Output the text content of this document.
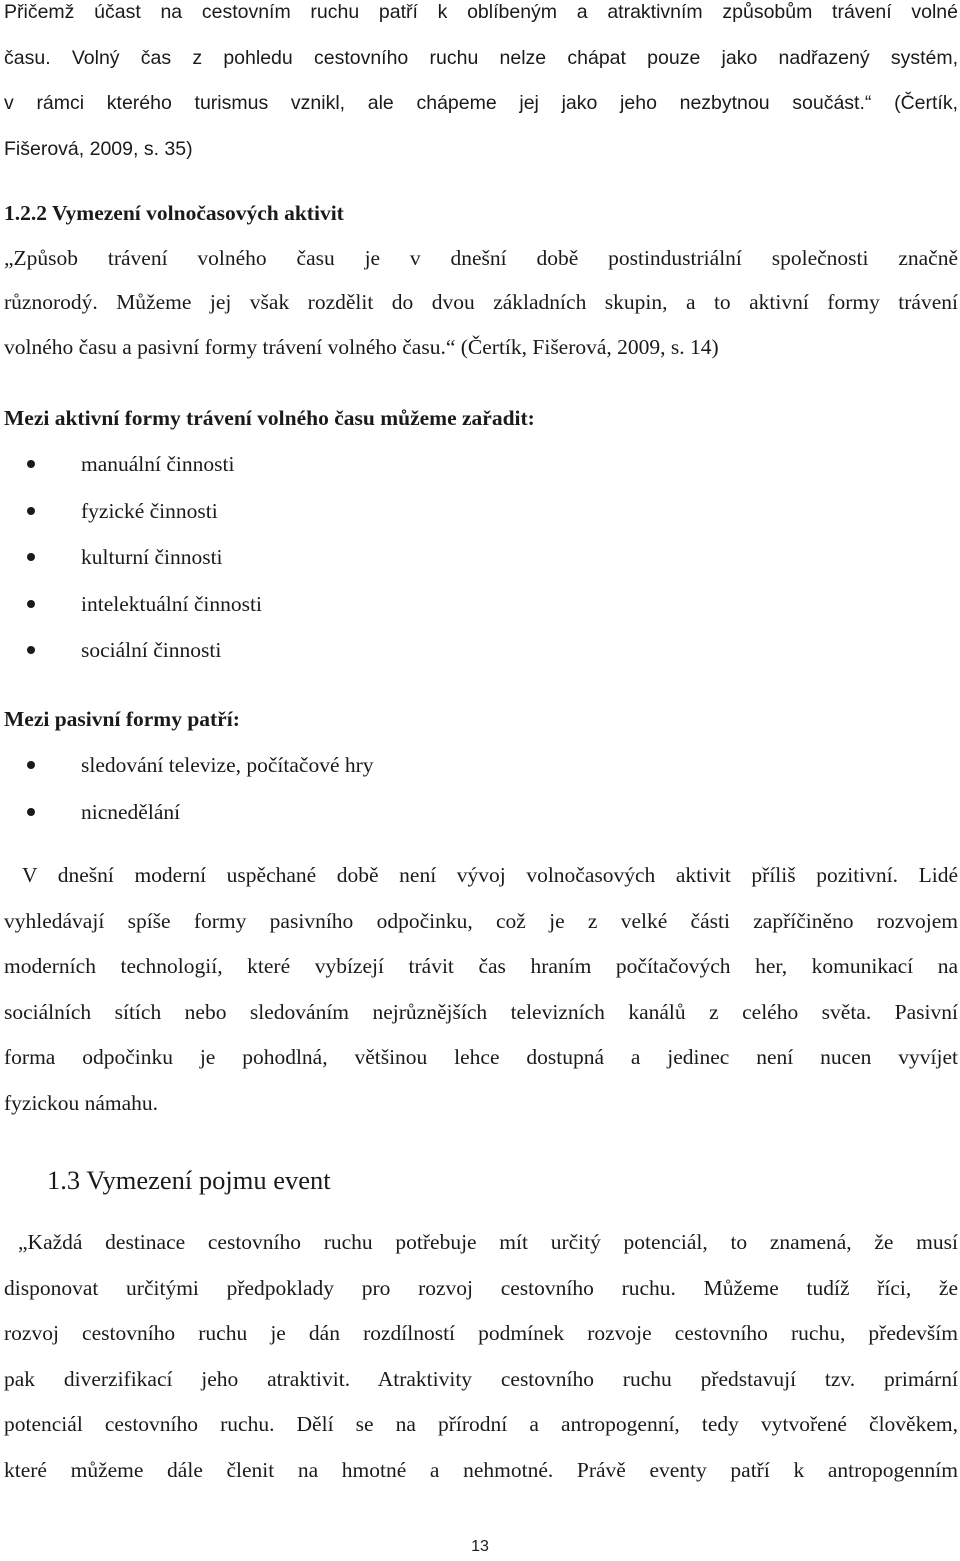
Přičemž účast na cestovním ruchu patří k oblíbeným a atraktivním způsobům trávení volné
času. Volný čas z pohledu cestovního ruchu nelze chápat pouze jako nadřazený systém,
v rámci kterého turismus vznikl, ale chápeme jej jako jeho nezbytnou součást.“ (Čertík,
Fišerová, 2009, s. 35)
1.2.2 Vymezení volnočasových aktivit
„Způsob trávení volného času je v dnešní době postindustriální společnosti značně
různorodý. Můžeme jej však rozdělit do dvou základních skupin, a to aktivní formy trávení
volného času a pasivní formy trávení volného času.“ (Čertík, Fišerová, 2009, s. 14)
Mezi aktivní formy trávení volného času můžeme zařadit:
manuální činnosti
fyzické činnosti
kulturní činnosti
intelektuální činnosti
sociální činnosti
Mezi pasivní formy patří:
sledování televize, počítačové hry
nicnedělání
V dnešní moderní uspěchané době není vývoj volnočasových aktivit příliš pozitivní. Lidé
vyhledávají spíše formy pasivního odpočinku, což je z velké části zapříčiněno rozvojem
moderních technologií, které vybízejí trávit čas hraním počítačových her, komunikací na
sociálních sítích nebo sledováním nejrůznějších televizních kanálů z celého světa. Pasivní
forma odpočinku je pohodlná, většinou lehce dostupná a jedinec není nucen vyvíjet
fyzickou námahu.
1.3 Vymezení pojmu event
„Každá destinace cestovního ruchu potřebuje mít určitý potenciál, to znamená, že musí
disponovat určitými předpoklady pro rozvoj cestovního ruchu. Můžeme tudíž říci, že
rozvoj cestovního ruchu je dán rozdílností podmínek rozvoje cestovního ruchu, především
pak diverzifikací jeho atraktivit. Atraktivity cestovního ruchu představují tzv. primární
potenciál cestovního ruchu. Dělí se na přírodní a antropogenní, tedy vytvořené člověkem,
které můžeme dále členit na hmotné a nehmotné. Právě eventy patří k antropogenním
13
